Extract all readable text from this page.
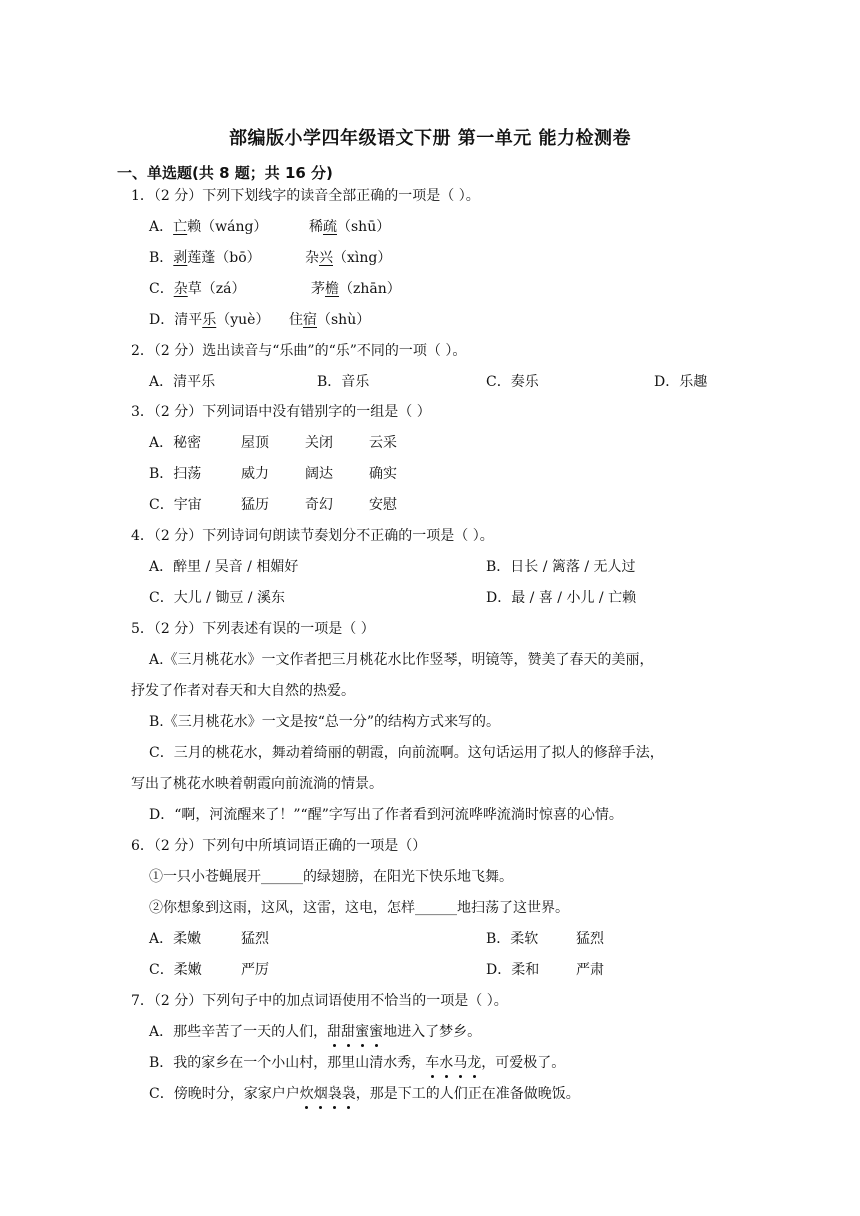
部编版小学四年级语文下册 第一单元 能力检测卷
一、单选题(共 8 题；共 16 分)
1．（2 分）下列下划线字的读音全部正确的一项是（ ）。
A．亡赖（wáng）	稀疏（shū）
B．剥莲蓬（bō）	杂兴（xìng）
C．杂草（zá）	茅檐（zhān）
D．清平乐（yuè） 住宿（shù）
2．（2 分）选出读音与“乐曲”的“乐”不同的一项（ ）。
A．清平乐	B．音乐	C．奏乐	D．乐趣
3．（2 分）下列词语中没有错别字的一组是（ ）
A．秘密	屋顶	关闭	云采
B．扫荡	威力	阔达	确实
C．宇宙	猛历	奇幻	安慰
4．（2 分）下列诗词句朗读节奏划分不正确的一项是（ ）。
A．醉里 / 吴音 / 相媚好	B．日长 / 篱落 / 无人过
C．大儿 / 锄豆 / 溪东	D．最 / 喜 / 小儿 / 亡赖
5．（2 分）下列表述有误的一项是（ ）
A.《三月桃花水》一文作者把三月桃花水比作竖琴，明镜等，赞美了春天的美丽，
抒发了作者对春天和大自然的热爱。
B.《三月桃花水》一文是按“总一分”的结构方式来写的。
C．三月的桃花水，舞动着绮丽的朝霞，向前流啊。这句话运用了拟人的修辞手法，
写出了桃花水映着朝霞向前流淌的情景。
D．“啊，河流醒来了！”“醒”字写出了作者看到河流哗哗流淌时惊喜的心情。
6．（2 分）下列句中所填词语正确的一项是（）
①一只小苍蝇展开______的绿翅膀，在阳光下快乐地飞舞。
②你想象到这雨，这风，这雷，这电，怎样______地扫荡了这世界。
A．柔嫩	猛烈	B．柔软	猛烈
C．柔嫩	严厉	D．柔和	严肃
7．（2 分）下列句子中的加点词语使用不恰当的一项是（ ）。
A．那些辛苦了一天的人们，甜甜蜜蜜地进入了梦乡。
B．我的家乡在一个小山村，那里山清水秀，车水马龙，可爱极了。
C．傍晚时分，家家户户炊烟袅袅，那是下工的人们正在准备做晚饭。
